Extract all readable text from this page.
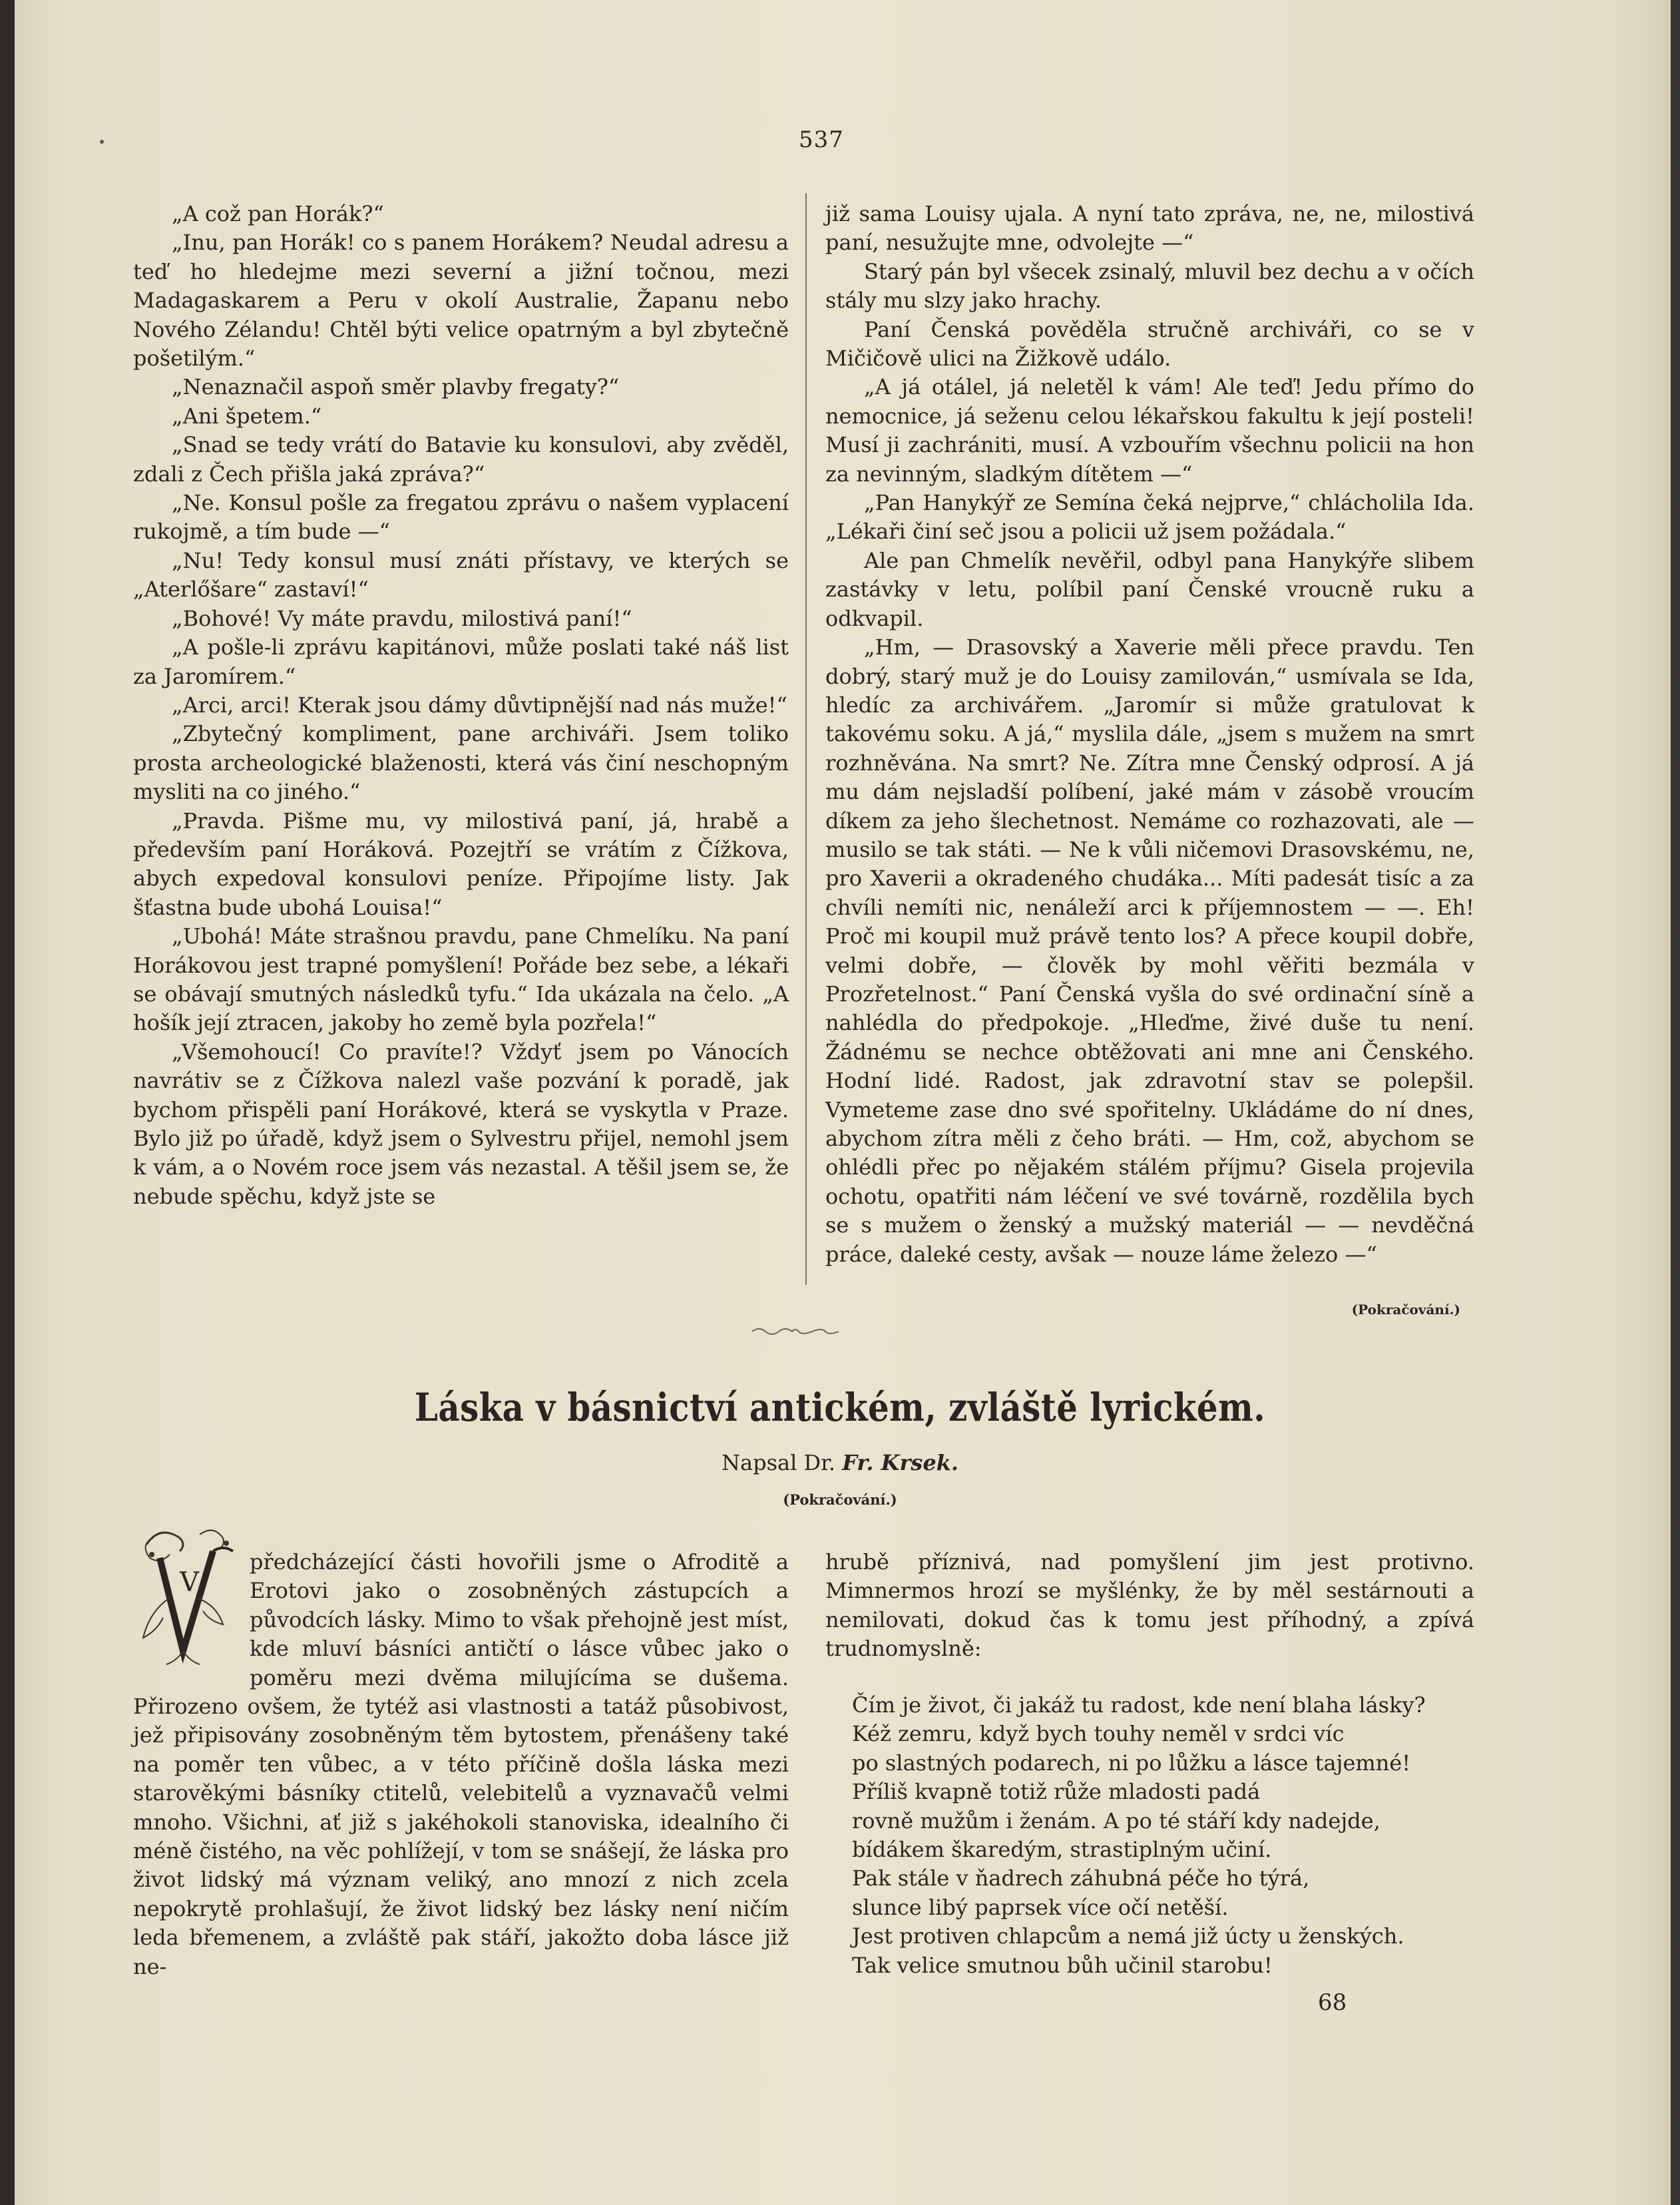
537

„A což pan Horák?“

„Inu, pan Horák! co s panem Horákem? Neudal adresu a teď ho hledejme mezi severní a jižní točnou, mezi Madagaskarem a Peru v okolí Australie, Žapanu nebo Nového Zélandu! Chtěl býti velice opatrným a byl zbytečně pošetilým.“

„Nenaznačil aspoň směr plavby fregaty?“

„Ani špetem.“

„Snad se tedy vrátí do Batavie ku konsulovi, aby zvěděl, zdali z Čech přišla jaká zpráva?“

„Ne. Konsul pošle za fregatou zprávu o našem vyplacení rukojmě, a tím bude —“

„Nu! Tedy konsul musí znáti přístavy, ve kterých se „Aterlőšare“ zastaví!“

„Bohové! Vy máte pravdu, milostivá paní!“

„A pošle-li zprávu kapitánovi, může poslati také náš list za Jaromírem.“

„Arci, arci! Kterak jsou dámy důvtipnější nad nás muže!“

„Zbytečný kompliment, pane archiváři. Jsem toliko prosta archeologické blaženosti, která vás činí neschopným mysliti na co jiného.“

„Pravda. Pišme mu, vy milostivá paní, já, hrabě a především paní Horáková. Pozejtří se vrátím z Čížkova, abych expedoval konsulovi peníze. Připojíme listy. Jak šťastna bude ubohá Louisa!“

„Ubohá! Máte strašnou pravdu, pane Chmelíku. Na paní Horákovou jest trapné pomyšlení! Pořáde bez sebe, a lékaři se obávají smutných následků tyfu.“ Ida ukázala na čelo. „A hošík její ztracen, jakoby ho země byla pozřela!“

„Všemohoucí! Co pravíte!? Vždyť jsem po Vánocích navrátiv se z Čížkova nalezl vaše pozvání k poradě, jak bychom přispěli paní Horákové, která se vyskytla v Praze. Bylo již po úřadě, když jsem o Sylvestru přijel, nemohl jsem k vám, a o Novém roce jsem vás nezastal. A těšil jsem se, že nebude spěchu, když jste se

již sama Louisy ujala. A nyní tato zpráva, ne, ne, milostivá paní, nesužujte mne, odvolejte —“

Starý pán byl všecek zsinalý, mluvil bez dechu a v očích stály mu slzy jako hrachy.

Paní Čenská pověděla stručně archiváři, co se v Mičičově ulici na Žižkově událo.

„A já otálel, já neletěl k vám! Ale teď! Jedu přímo do nemocnice, já seženu celou lékařskou fakultu k její posteli! Musí ji zachrániti, musí. A vzbouřím všechnu policii na hon za nevinným, sladkým dítětem —“

„Pan Hanykýř ze Semína čeká nejprve,“ chlácholila Ida. „Lékaři činí seč jsou a policii už jsem požádala.“

Ale pan Chmelík nevěřil, odbyl pana Hanykýře slibem zastávky v letu, políbil paní Čenské vroucně ruku a odkvapil.

„Hm, — Drasovský a Xaverie měli přece pravdu. Ten dobrý, starý muž je do Louisy zamilován,“ usmívala se Ida, hledíc za archivářem. „Jaromír si může gratulovat k takovému soku. A já,“ myslila dále, „jsem s mužem na smrt rozhněvána. Na smrt? Ne. Zítra mne Čenský odprosí. A já mu dám nejsladší políbení, jaké mám v zásobě vroucím díkem za jeho šlechetnost. Nemáme co rozhazovati, ale — musilo se tak státi. — Ne k vůli ničemovi Drasovskému, ne, pro Xaverii a okradeného chudáka... Míti padesát tisíc a za chvíli nemíti nic, nenáleží arci k příjemnostem — —. Eh! Proč mi koupil muž právě tento los? A přece koupil dobře, velmi dobře, — člověk by mohl věřiti bezmála v Prozřetelnost.“ Paní Čenská vyšla do své ordinační síně a nahlédla do předpokoje. „Hleďme, živé duše tu není. Žádnému se nechce obtěžovati ani mne ani Čenského. Hodní lidé. Radost, jak zdravotní stav se polepšil. Vymeteme zase dno své spořitelny. Ukládáme do ní dnes, abychom zítra měli z čeho bráti. — Hm, což, abychom se ohlédli přec po nějakém stálém příjmu? Gisela projevila ochotu, opatřiti nám léčení ve své továrně, rozdělila bych se s mužem o ženský a mužský materiál — — nevděčná práce, daleké cesty, avšak — nouze láme železo —“

(Pokračování.)
Láska v básnictví antickém, zvláště lyrickém.
Napsal Dr. Fr. Krsek.
(Pokračování.)
V

předcházející části hovořili jsme o Afroditě a Erotovi jako o zosobněných zástupcích a původcích lásky. Mimo to však přehojně jest míst, kde mluví básníci antičtí o lásce vůbec jako o poměru mezi dvěma milujícíma se dušema. Přirozeno ovšem, že tytéž asi vlastnosti a tatáž působivost, jež připisovány zosobněným těm bytostem, přenášeny také na poměr ten vůbec, a v této příčině došla láska mezi starověkými básníky ctitelů, velebitelů a vyznavačů velmi mnoho. Všichni, ať již s jakéhokoli stanoviska, idealního či méně čistého, na věc pohlížejí, v tom se snášejí, že láska pro život lidský má význam veliký, ano mnozí z nich zcela nepokrytě prohlašují, že život lidský bez lásky není ničím leda břemenem, a zvláště pak stáří, jakožto doba lásce již ne-

hrubě příznivá, nad pomyšlení jim jest protivno. Mimnermos hrozí se myšlénky, že by měl sestárnouti a nemilovati, dokud čas k tomu jest příhodný, a zpívá trudnomyslně:

Čím je život, či jakáž tu radost, kde není blaha lásky?
Kéž zemru, když bych touhy neměl v srdci víc
po slastných podarech, ni po lůžku a lásce tajemné!
Příliš kvapně totiž růže mladosti padá
rovně mužům i ženám. A po té stáří kdy nadejde,
bídákem škaredým, strastiplným učiní.
Pak stále v ňadrech záhubná péče ho týrá,
slunce libý paprsek více očí netěší.
Jest protiven chlapcům a nemá již úcty u ženských.
Tak velice smutnou bůh učinil starobu!
68
